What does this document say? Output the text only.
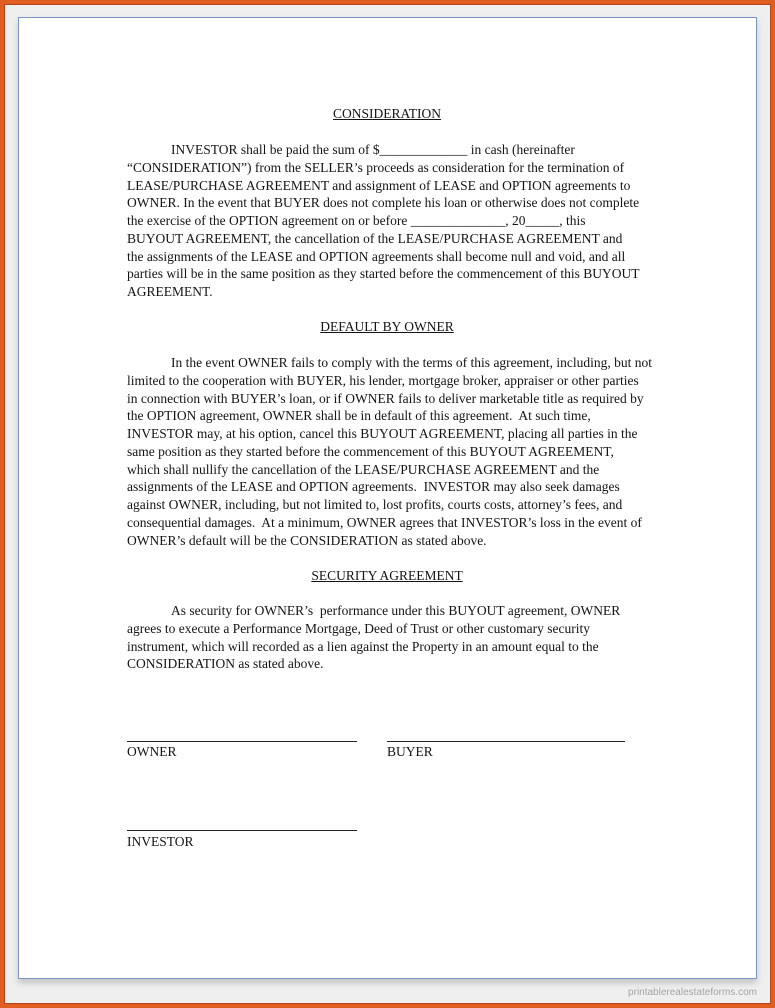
CONSIDERATION
INVESTOR shall be paid the sum of $_____________ in cash (hereinafter
“CONSIDERATION”) from the SELLER’s proceeds as consideration for the termination of
LEASE/PURCHASE AGREEMENT and assignment of LEASE and OPTION agreements to
OWNER. In the event that BUYER does not complete his loan or otherwise does not complete
the exercise of the OPTION agreement on or before ______________, 20_____, this
BUYOUT AGREEMENT, the cancellation of the LEASE/PURCHASE AGREEMENT and
the assignments of the LEASE and OPTION agreements shall become null and void, and all
parties will be in the same position as they started before the commencement of this BUYOUT
AGREEMENT.
DEFAULT BY OWNER
In the event OWNER fails to comply with the terms of this agreement, including, but not
limited to the cooperation with BUYER, his lender, mortgage broker, appraiser or other parties
in connection with BUYER’s loan, or if OWNER fails to deliver marketable title as required by
the OPTION agreement, OWNER shall be in default of this agreement.  At such time,
INVESTOR may, at his option, cancel this BUYOUT AGREEMENT, placing all parties in the
same position as they started before the commencement of this BUYOUT AGREEMENT,
which shall nullify the cancellation of the LEASE/PURCHASE AGREEMENT and the
assignments of the LEASE and OPTION agreements.  INVESTOR may also seek damages
against OWNER, including, but not limited to, lost profits, courts costs, attorney’s fees, and
consequential damages.  At a minimum, OWNER agrees that INVESTOR’s loss in the event of
OWNER’s default will be the CONSIDERATION as stated above.
SECURITY AGREEMENT
As security for OWNER’s  performance under this BUYOUT agreement, OWNER
agrees to execute a Performance Mortgage, Deed of Trust or other customary security
instrument, which will recorded as a lien against the Property in an amount equal to the
CONSIDERATION as stated above.
OWNER	BUYER
INVESTOR
printablerealestateforms.com
